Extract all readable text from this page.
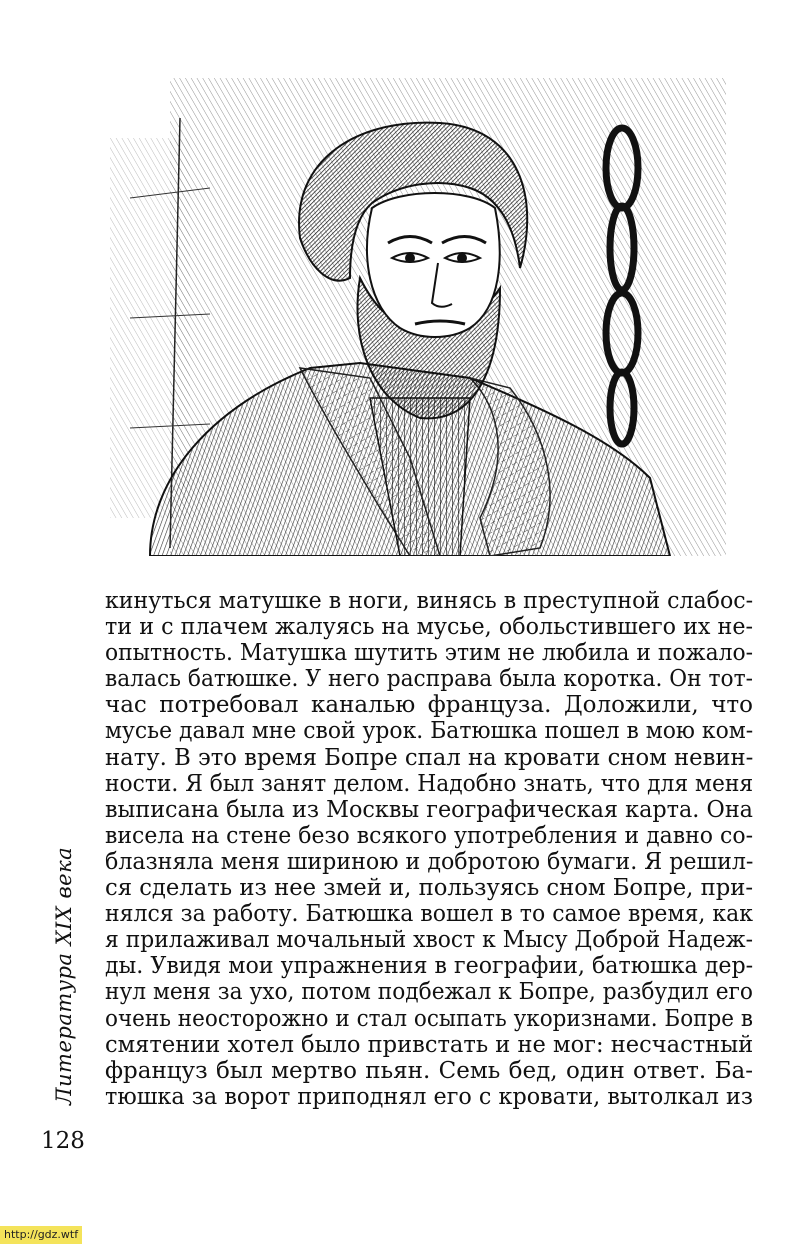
кинуться матушке в ноги, винясь в преступной слабос-
ти и с плачем жалуясь на мусье, обольстившего их не-
опытность. Матушка шутить этим не любила и пожало-
валась батюшке. У него расправа была коротка. Он тот-
час потребовал каналью француза. Доложили, что
мусье давал мне свой урок. Батюшка пошел в мою ком-
нату. В это время Бопре спал на кровати сном невин-
ности. Я был занят делом. Надобно знать, что для меня
выписана была из Москвы географическая карта. Она
висела на стене безо всякого употребления и давно со-
блазняла меня шириною и добротою бумаги. Я решил-
ся сделать из нее змей и, пользуясь сном Бопре, при-
нялся за работу. Батюшка вошел в то самое время, как
я прилаживал мочальный хвост к Мысу Доброй Надеж-
ды. Увидя мои упражнения в географии, батюшка дер-
нул меня за ухо, потом подбежал к Бопре, разбудил его
очень неосторожно и стал осыпать укоризнами. Бопре в
смятении хотел было привстать и не мог: несчастный
француз был мертво пьян. Семь бед, один ответ. Ба-
тюшка за ворот приподнял его с кровати, вытолкал из
Литература XIX века
128
http://gdz.wtf
